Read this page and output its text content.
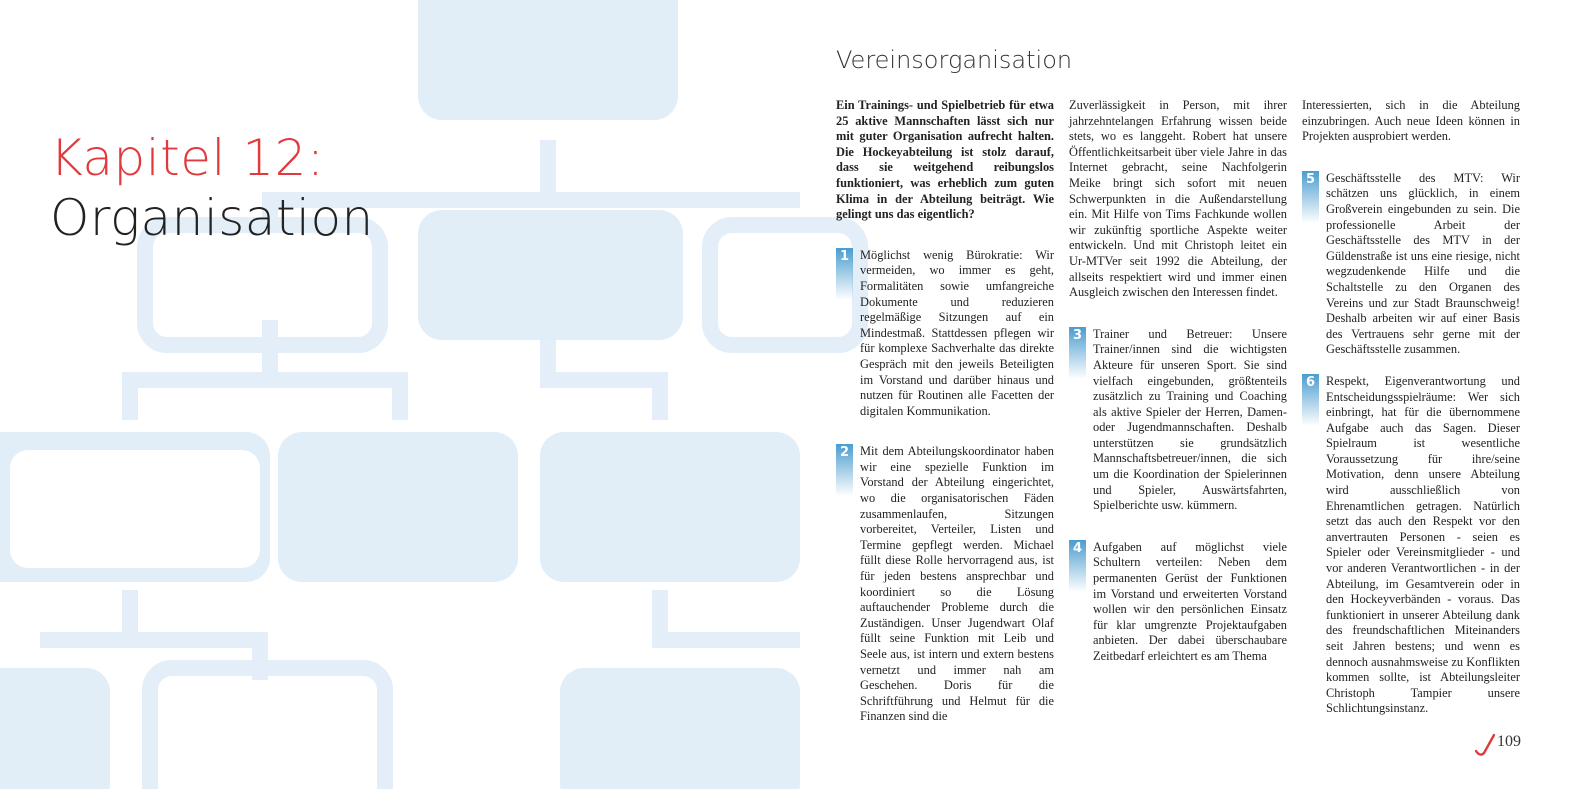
Kapitel 12:
Organisation
Vereinsorganisation

Ein Trainings- und Spielbetrieb für etwa 25 aktive Mannschaften lässt sich nur mit guter Organisation aufrecht halten. Die Hockeyabteilung ist stolz darauf, dass sie weitgehend reibungslos funktioniert, was erheblich zum guten Klima in der Abteilung beiträgt. Wie gelingt uns das eigentlich?

1 Möglichst wenig Bürokratie: Wir vermeiden, wo immer es geht, Formalitäten sowie umfangreiche Dokumente und reduzieren regelmäßige Sitzungen auf ein Mindestmaß. Stattdessen pflegen wir für komplexe Sachverhalte das direkte Gespräch mit den jeweils Beteiligten im Vorstand und darüber hinaus und nutzen für Routinen alle Facetten der digitalen Kommunikation.

2 Mit dem Abteilungskoordinator haben wir eine spezielle Funktion im Vorstand der Abteilung eingerichtet, wo die organisatorischen Fäden zusammenlaufen, Sitzungen vorbereitet, Verteiler, Listen und Termine gepflegt werden. Michael füllt diese Rolle hervorragend aus, ist für jeden bestens ansprechbar und koordiniert so die Lösung auftauchender Probleme durch die Zuständigen. Unser Jugendwart Olaf füllt seine Funktion mit Leib und Seele aus, ist intern und extern bestens vernetzt und immer nah am Geschehen. Doris für die Schriftführung und Helmut für die Finanzen sind die

Zuverlässigkeit in Person, mit ihrer jahrzehntelangen Erfahrung wissen beide stets, wo es langgeht. Robert hat unsere Öffentlichkeitsarbeit über viele Jahre in das Internet gebracht, seine Nachfolgerin Meike bringt sich sofort mit neuen Schwerpunkten in die Außendarstellung ein. Mit Hilfe von Tims Fachkunde wollen wir zukünftig sportliche Aspekte weiter entwickeln. Und mit Christoph leitet ein Ur-MTVer seit 1992 die Abteilung, der allseits respektiert wird und immer einen Ausgleich zwischen den Interessen findet.

3 Trainer und Betreuer: Unsere Trainer/innen sind die wichtigsten Akteure für unseren Sport. Sie sind vielfach eingebunden, größtenteils zusätzlich zu Training und Coaching als aktive Spieler der Herren, Damen- oder Jugendmannschaften. Deshalb unterstützen sie grundsätzlich Mannschaftsbetreuer/innen, die sich um die Koordination der Spielerinnen und Spieler, Auswärtsfahrten, Spielberichte usw. kümmern.

4 Aufgaben auf möglichst viele Schultern verteilen: Neben dem permanenten Gerüst der Funktionen im Vorstand und erweiterten Vorstand wollen wir den persönlichen Einsatz für klar umgrenzte Projektaufgaben anbieten. Der dabei überschaubare Zeitbedarf erleichtert es am Thema

Interessierten, sich in die Abteilung einzubringen. Auch neue Ideen können in Projekten ausprobiert werden.

5 Geschäftsstelle des MTV: Wir schätzen uns glücklich, in einem Großverein eingebunden zu sein. Die professionelle Arbeit der Geschäftsstelle des MTV in der Güldenstraße ist uns eine riesige, nicht wegzudenkende Hilfe und die Schaltstelle zu den Organen des Vereins und zur Stadt Braunschweig! Deshalb arbeiten wir auf einer Basis des Vertrauens sehr gerne mit der Geschäftsstelle zusammen.

6 Respekt, Eigenverantwortung und Entscheidungsspielräume: Wer sich einbringt, hat für die übernommene Aufgabe auch das Sagen. Dieser Spielraum ist wesentliche Voraussetzung für ihre/seine Motivation, denn unsere Abteilung wird ausschließlich von Ehrenamtlichen getragen. Natürlich setzt das auch den Respekt vor den anvertrauten Personen - seien es Spieler oder Vereinsmitglieder - und vor anderen Verantwortlichen - in der Abteilung, im Gesamtverein oder in den Hockeyverbänden - voraus. Das funktioniert in unserer Abteilung dank des freundschaftlichen Miteinanders seit Jahren bestens; und wenn es dennoch ausnahmsweise zu Konflikten kommen sollte, ist Abteilungsleiter Christoph Tampier unsere Schlichtungsinstanz.

109
